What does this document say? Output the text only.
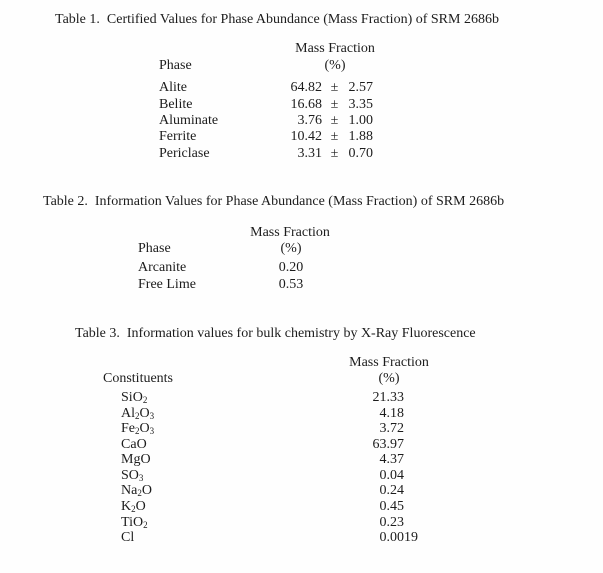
Table 1.  Certified Values for Phase Abundance (Mass Fraction) of SRM 2686b
Mass Fraction
Phase	(%)
Alite	64.82 ± 2.57
Belite	16.68 ± 3.35
Aluminate	3.76 ± 1.00
Ferrite	10.42 ± 1.88
Periclase	3.31 ± 0.70
Table 2.  Information Values for Phase Abundance (Mass Fraction) of SRM 2686b
Mass Fraction
Phase	(%)
Arcanite	0.20
Free Lime	0.53
Table 3.  Information values for bulk chemistry by X-Ray Fluorescence
Mass Fraction
Constituents	(%)
SiO$_2$	21.33
$Al_2O_3$	4.18
$Fe_2O_3$	3.72
CaO	63.97
MgO	4.37
$SO_3$	0.04
$Na_2O$	0.24
$K_2O$	0.45
TiO$_2$	0.23
Cl	0.0019
